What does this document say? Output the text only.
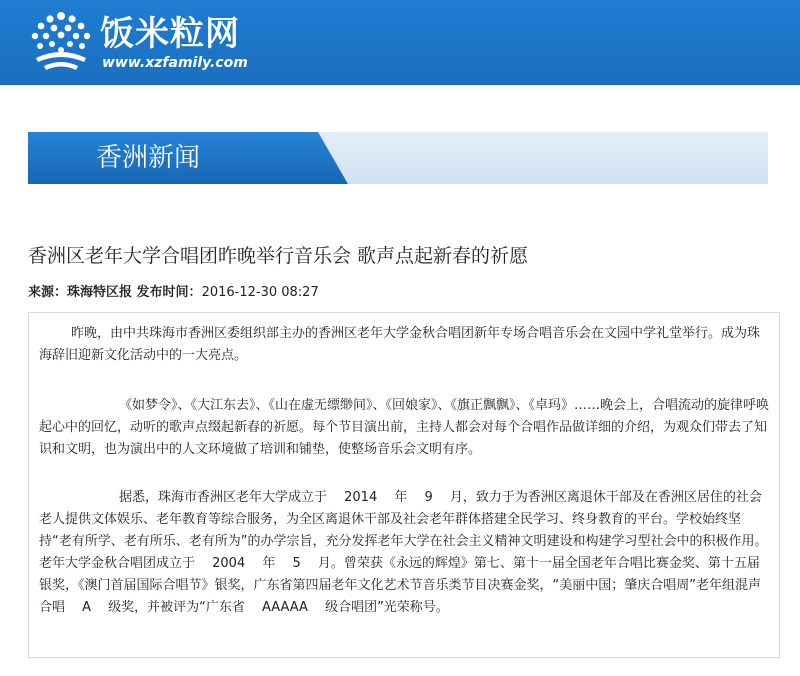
饭米粒网
www.xzfamily.com
香洲新闻
香洲区老年大学合唱团昨晚举行音乐会 歌声点起新春的祈愿
来源：珠海特区报 发布时间：2016-12-30 08:27

昨晚，由中共珠海市香洲区委组织部主办的香洲区老年大学金秋合唱团新年专场合唱音乐会在文园中学礼堂举行。成为珠海辞旧迎新文化活动中的一大亮点。

《如梦令》、《大江东去》、《山在虚无缥缈间》、《回娘家》、《旗正飘飘》、《卓玛》……晚会上，合唱流动的旋律呼唤起心中的回忆，动听的歌声点缀起新春的祈愿。每个节目演出前，主持人都会对每个合唱作品做详细的介绍，为观众们带去了知识和文明，也为演出中的人文环境做了培训和铺垫，使整场音乐会文明有序。

据悉，珠海市香洲区老年大学成立于　 2014　 年　 9　 月，致力于为香洲区离退休干部及在香洲区居住的社会老人提供文体娱乐、老年教育等综合服务，为全区离退休干部及社会老年群体搭建全民学习、终身教育的平台。学校始终坚持“老有所学、老有所乐、老有所为”的办学宗旨，充分发挥老年大学在社会主义精神文明建设和构建学习型社会中的积极作用。老年大学金秋合唱团成立于　 2004　 年　 5　 月。曾荣获《永远的辉煌》第七、第十一届全国老年合唱比赛金奖、第十五届银奖，《澳门首届国际合唱节》银奖，广东省第四届老年文化艺术节音乐类节目决赛金奖，“美丽中国；肇庆合唱周”老年组混声合唱　 A　 级奖，并被评为“广东省　 AAAAA　 级合唱团”光荣称号。
